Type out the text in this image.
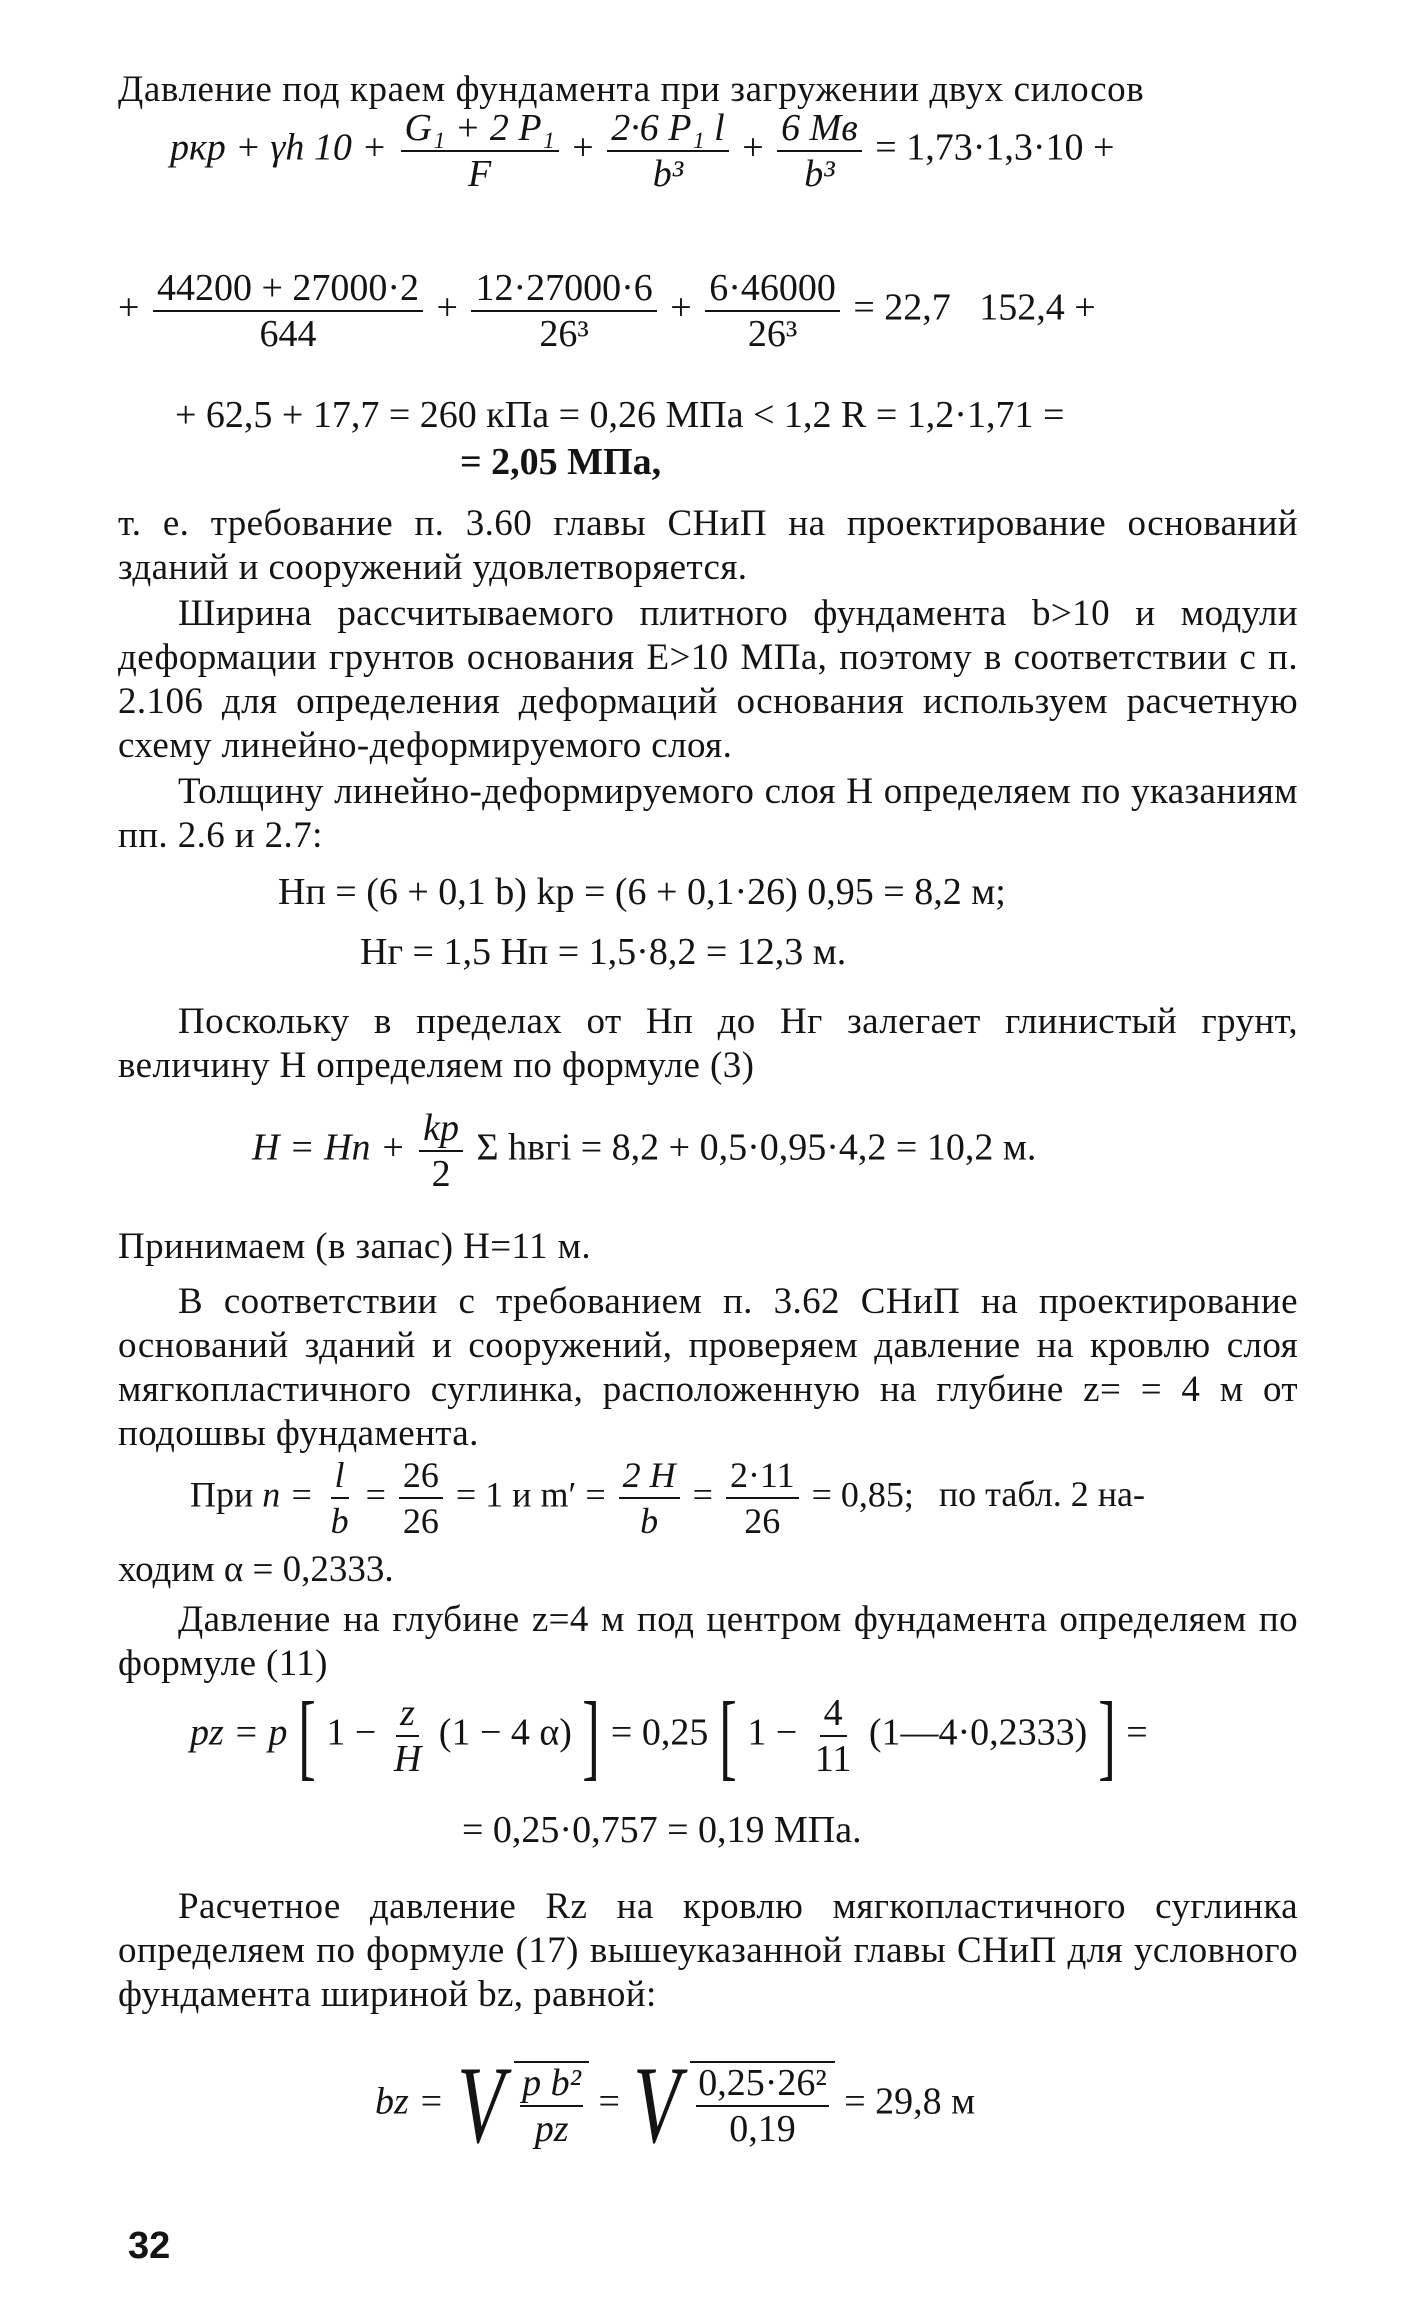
Давление под краем фундамента при загружении двух силосов
pкр + γh $10 + \frac{\text{G₁ + 2 P₁}}{F} + \frac{\text{2·6 P₁ l}}{\text{b³}} + \frac{6 Mв}{\text{b³}} = 1,73\cdot 1,3\cdot 10$ +
+ $\frac{44200 + 27000\cdot 2}{644} + \frac{12\cdot 27000\cdot 6}{\text{26³}} + \frac{6\cdot 46000}{\text{26³}} = 22,7$   152,4 +
+ 62,5 + 17,7 = 260 кПа = 0,26 МПа < 1,2 R = 1,2·1,71 =
= 2,05 МПа,
т. е. требование п. 3.60 главы СНиП на проектирование оснований зданий и сооружений удовлетворяется.
Ширина рассчитываемого плитного фундамента b>10 и модули деформации грунтов основания E>10 МПа, поэтому в соответствии с п. 2.106 для определения деформаций основания используем расчетную схему линейно-деформируемого слоя.
Толщину линейно-деформируемого слоя H определяем по указаниям пп. 2.6 и 2.7:
Hп = (6 + 0,1 b) kp = (6 + 0,1·26) 0,95 = 8,2 м;
Hг = 1,5 Hп = 1,5·8,2 = 12,3 м.
Поскольку в пределах от Hп до Hг залегает глинистый грунт, величину H определяем по формуле (3)
H = Hп + $\frac{kp}{2}$ Σ hвгi = 8,2 + 0,5·0,95·4,2 = 10,2 м.
Принимаем (в запас) H=11 м.
В соответствии с требованием п. 3.62 СНиП на проектирование оснований зданий и сооружений, проверяем давление на кровлю слоя мягкопластичного суглинка, расположенную на глубине z= = 4 м от подошвы фундамента.
При $n = \frac{l}{b} = \frac{26}{26} = 1$ и $m' = \frac{2 H}{b} = \frac{2\cdot 11}{26} = 0,85$; по табл. 2 на-
ходим α = 0,2333.
Давление на глубине z=4 м под центром фундамента определяем по формуле (11)
pz = p [ $1 - \frac{z}{H} (1 - 4$ α) ] = 0,25 [ $1 - \frac{4}{11}$ (1—4·0,2333) ] =
= 0,25·0,757 = 0,19 МПа.
Расчетное давление Rz на кровлю мягкопластичного суглинка определяем по формуле (17) вышеуказанной главы СНиП для условного фундамента шириной bz, равной:
bz = V $\frac{\text{p b²}}{pz} = V \frac{\text{0,25·26²}}{0,19} = 29,8$ м
32
